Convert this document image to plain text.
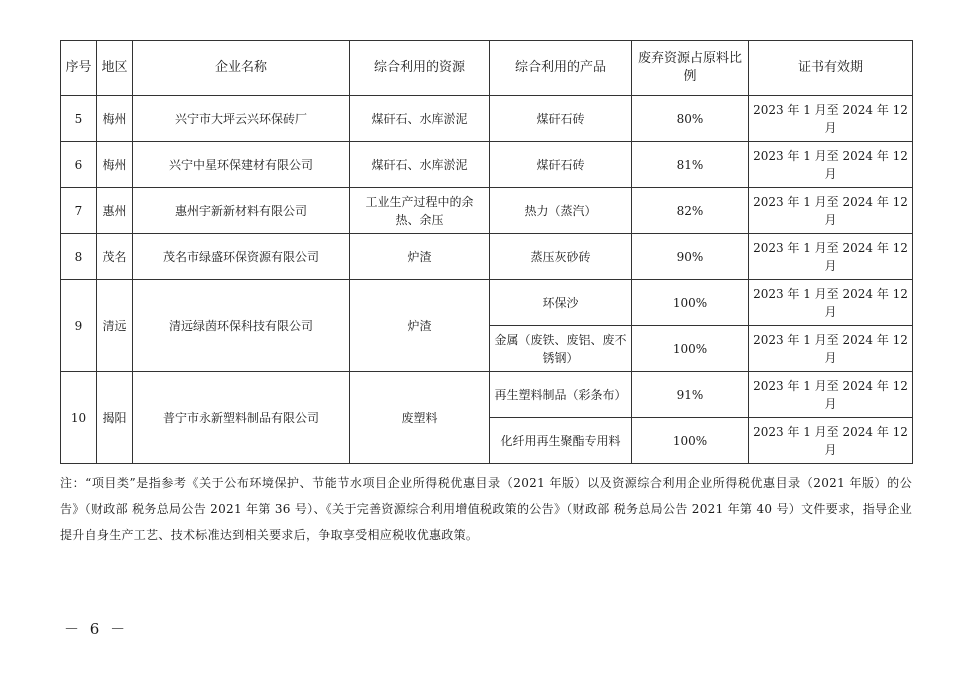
序号	地区	企业名称	综合利用的资源	综合利用的产品	废弃资源占原料比例	证书有效期
5	梅州	兴宁市大坪云兴环保砖厂	煤矸石、水库淤泥	煤矸石砖	80%	2023 年 1 月至 2024 年 12 月
6	梅州	兴宁中星环保建材有限公司	煤矸石、水库淤泥	煤矸石砖	81%	2023 年 1 月至 2024 年 12 月
7	惠州	惠州宇新新材料有限公司	工业生产过程中的余热、余压	热力（蒸汽）	82%	2023 年 1 月至 2024 年 12 月
8	茂名	茂名市绿盛环保资源有限公司	炉渣	蒸压灰砂砖	90%	2023 年 1 月至 2024 年 12 月
9	清远	清远绿茵环保科技有限公司	炉渣	环保沙	100%	2023 年 1 月至 2024 年 12 月
				金属（废铁、废铝、废不锈钢）	100%	2023 年 1 月至 2024 年 12 月
10	揭阳	普宁市永新塑料制品有限公司	废塑料	再生塑料制品（彩条布）	91%	2023 年 1 月至 2024 年 12 月
				化纤用再生聚酯专用料	100%	2023 年 1 月至 2024 年 12 月
注：“项目类”是指参考《关于公布环境保护、节能节水项目企业所得税优惠目录（2021 年版）以及资源综合利用企业所得税优惠目录（2021 年版）的公告》（财政部 税务总局公告 2021 年第 36 号）、《关于完善资源综合利用增值税政策的公告》（财政部 税务总局公告 2021 年第 40 号）文件要求，指导企业提升自身生产工艺、技术标准达到相关要求后，争取享受相应税收优惠政策。
－ 6 －
